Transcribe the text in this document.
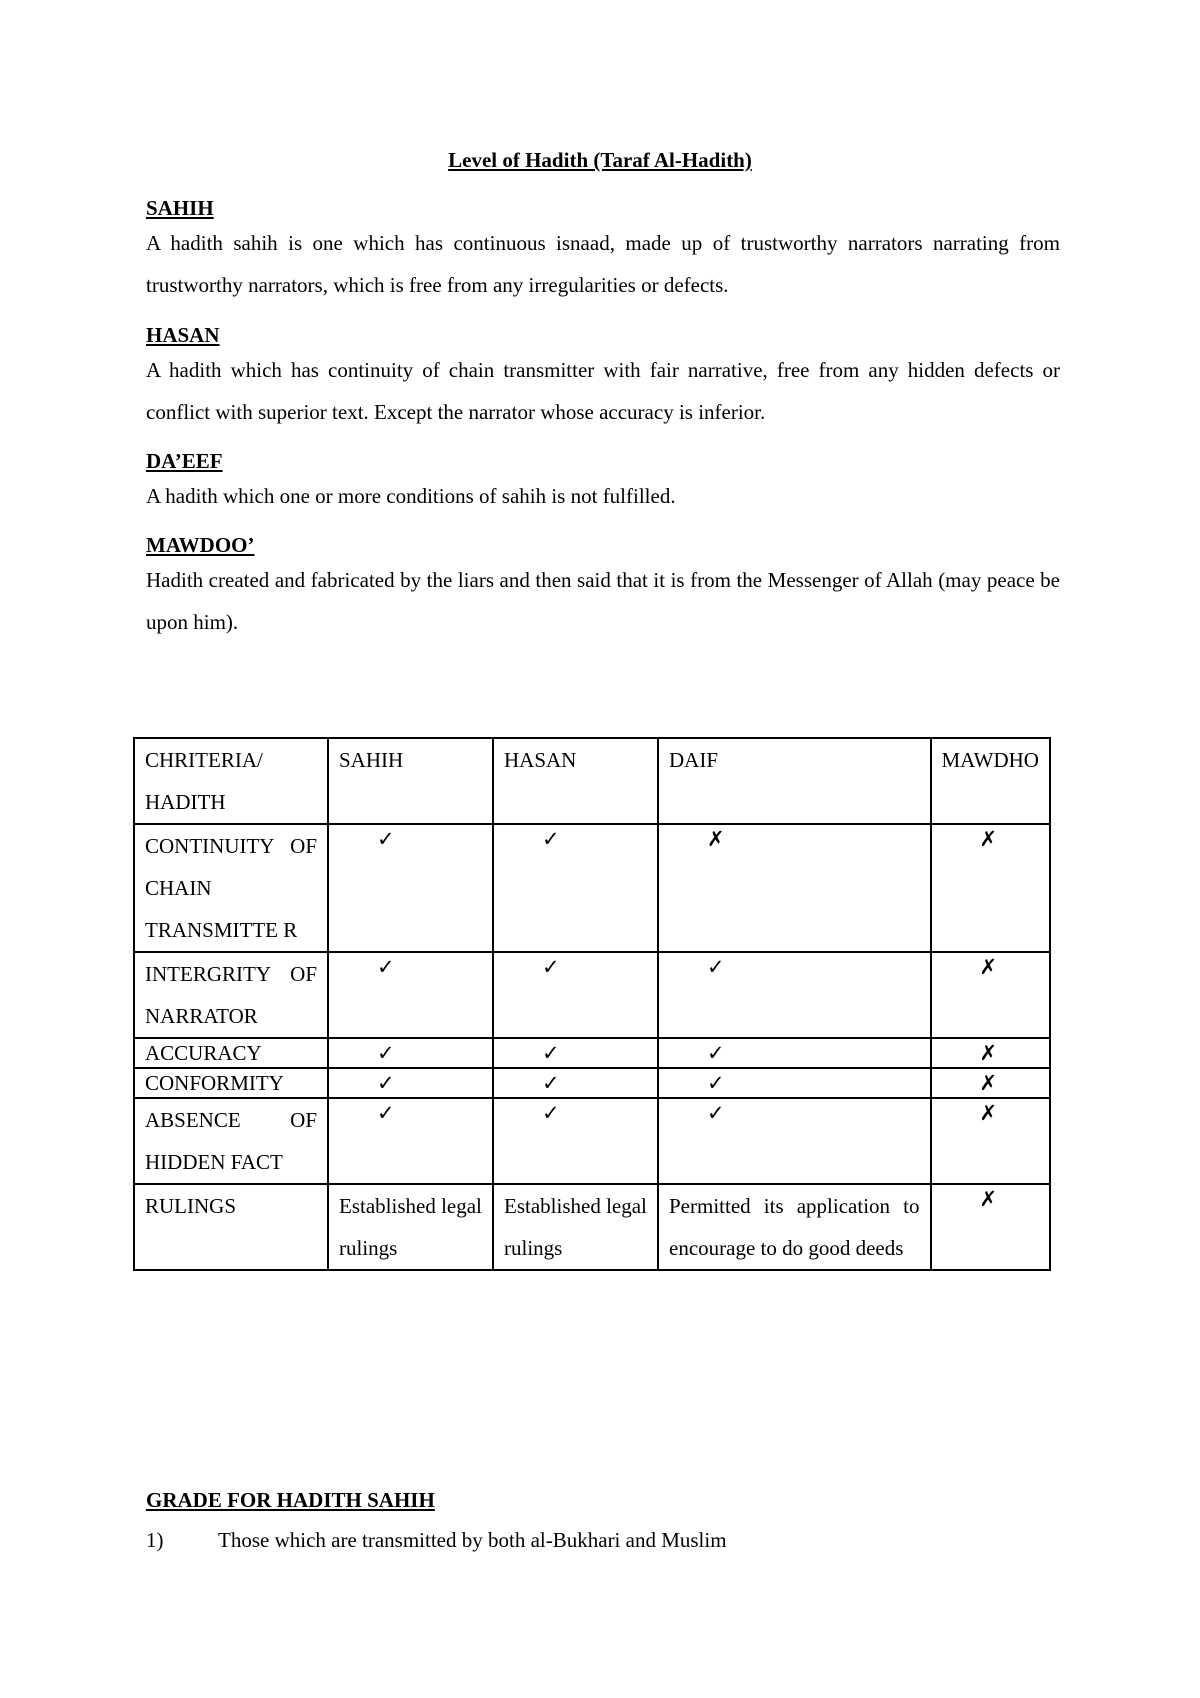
Level of Hadith (Taraf Al-Hadith)
SAHIH
A hadith sahih is one which has continuous isnaad, made up of trustworthy narrators narrating from trustworthy narrators, which is free from any irregularities or defects.
HASAN
A hadith which has continuity of chain transmitter with fair narrative, free from any hidden defects or conflict with superior text. Except the narrator whose accuracy is inferior.
DA’EEF
A hadith which one or more conditions of sahih is not fulfilled.
MAWDOO’
Hadith created and fabricated by the liars and then said that it is from the Messenger of Allah (may peace be upon him).
CHRITERIA/ HADITH	SAHIH	HASAN	DAIF	MAWDHO
CONTINUITY OF CHAIN TRANSMITTE R	✓	✓	✗	✗

INTERGRITY OF NARRATOR	✓	✓	✓	✗

ACCURACY	✓	✓	✓	✗

CONFORMITY	✓	✓	✓	✗

ABSENCE OF HIDDEN FACT	✓	✓	✓	✗

RULINGS	Established legal rulings	Established legal rulings	Permitted its application to encourage to do good deeds	✗
GRADE FOR HADITH SAHIH
1)	Those which are transmitted by both al-Bukhari and Muslim
